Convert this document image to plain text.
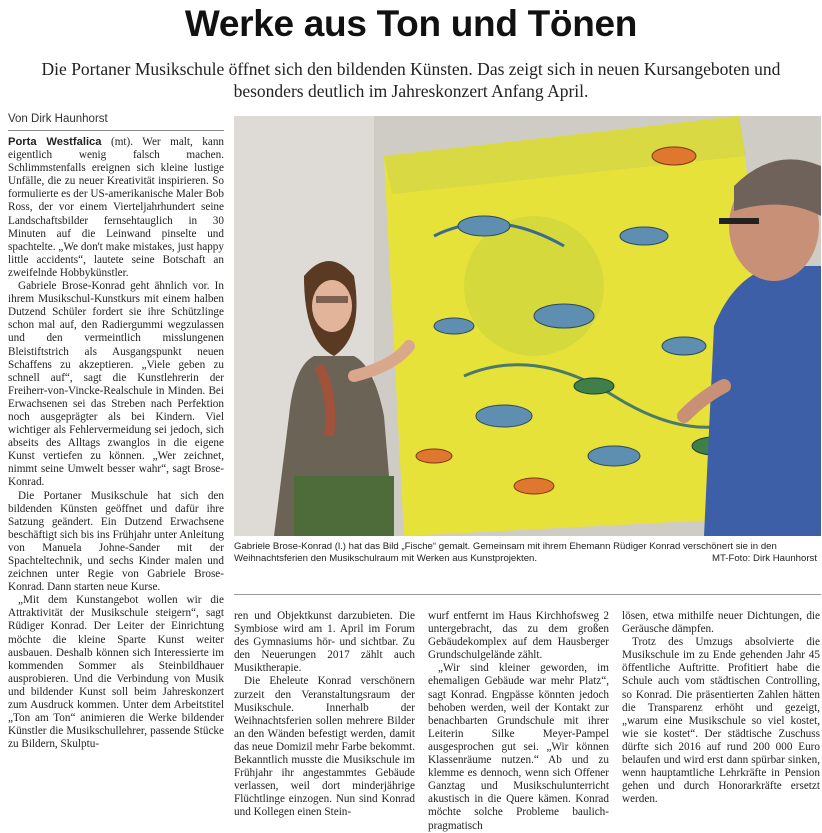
Werke aus Ton und Tönen
Die Portaner Musikschule öffnet sich den bildenden Künsten. Das zeigt sich in neuen Kursangeboten und besonders deutlich im Jahreskonzert Anfang April.
Von Dirk Haunhorst

Porta Westfalica (mt). Wer malt, kann eigentlich wenig falsch machen. Schlimmstenfalls ereignen sich kleine lustige Unfälle, die zu neuer Kreativität inspirieren. So formulierte es der US-amerikanische Maler Bob Ross, der vor einem Vierteljahrhundert seine Landschaftsbilder fernsehtauglich in 30 Minuten auf die Leinwand pinselte und spachtelte. „We don't make mistakes, just happy little accidents“, lautete seine Botschaft an zweifelnde Hobbykünstler.

Gabriele Brose-Konrad geht ähnlich vor. In ihrem Musikschul-Kunstkurs mit einem halben Dutzend Schüler fordert sie ihre Schützlinge schon mal auf, den Radiergummi wegzulassen und den vermeintlich misslungenen Bleistiftstrich als Ausgangspunkt neuen Schaffens zu akzeptieren. „Viele geben zu schnell auf“, sagt die Kunstlehrerin der Freiherr-von-Vincke-Realschule in Minden. Bei Erwachsenen sei das Streben nach Perfektion noch ausgeprägter als bei Kindern. Viel wichtiger als Fehlervermeidung sei jedoch, sich abseits des Alltags zwanglos in die eigene Kunst vertiefen zu können. „Wer zeichnet, nimmt seine Umwelt besser wahr“, sagt Brose-Konrad.

Die Portaner Musikschule hat sich den bildenden Künsten geöffnet und dafür ihre Satzung geändert. Ein Dutzend Erwachsene beschäftigt sich bis ins Frühjahr unter Anleitung von Manuela Johne-Sander mit der Spachteltechnik, und sechs Kinder malen und zeichnen unter Regie von Gabriele Brose-Konrad. Dann starten neue Kurse.

„Mit dem Kunstangebot wollen wir die Attraktivität der Musikschule steigern“, sagt Rüdiger Konrad. Der Leiter der Einrichtung möchte die kleine Sparte Kunst weiter ausbauen. Deshalb können sich Interessierte im kommenden Sommer als Steinbildhauer ausprobieren. Und die Verbindung von Musik und bildender Kunst soll beim Jahreskonzert zum Ausdruck kommen. Unter dem Arbeitstitel „Ton am Ton“ animieren die Werke bildender Künstler die Musikschullehrer, passende Stücke zu Bildern, Skulptu-

Gabriele Brose-Konrad (l.) hat das Bild „Fische“ gemalt. Gemeinsam mit ihrem Ehemann Rüdiger Konrad verschönert sie in den Weihnachtsferien den Musikschulraum mit Werken aus Kunstprojekten.	MT-Foto: Dirk Haunhorst

ren und Objektkunst darzubieten. Die Symbiose wird am 1. April im Forum des Gymnasiums hör- und sichtbar. Zu den Neuerungen 2017 zählt auch Musiktherapie.

Die Eheleute Konrad verschönern zurzeit den Veranstaltungsraum der Musikschule. Innerhalb der Weihnachtsferien sollen mehrere Bilder an den Wänden befestigt werden, damit das neue Domizil mehr Farbe bekommt. Bekanntlich musste die Musikschule im Frühjahr ihr angestammtes Gebäude verlassen, weil dort minderjährige Flüchtlinge einzogen. Nun sind Konrad und Kollegen einen Stein-

wurf entfernt im Haus Kirchhofsweg 2 untergebracht, das zu dem großen Gebäudekomplex auf dem Hausberger Grundschulgelände zählt.

„Wir sind kleiner geworden, im ehemaligen Gebäude war mehr Platz“, sagt Konrad. Engpässe könnten jedoch behoben werden, weil der Kontakt zur benachbarten Grundschule mit ihrer Leiterin Silke Meyer-Pampel ausgesprochen gut sei. „Wir können Klassenräume nutzen.“ Ab und zu klemme es dennoch, wenn sich Offener Ganztag und Musikschulunterricht akustisch in die Quere kämen. Konrad möchte solche Probleme baulich-pragmatisch

lösen, etwa mithilfe neuer Dichtungen, die Geräusche dämpfen.

Trotz des Umzugs absolvierte die Musikschule im zu Ende gehenden Jahr 45 öffentliche Auftritte. Profitiert habe die Schule auch vom städtischen Controlling, so Konrad. Die präsentierten Zahlen hätten die Transparenz erhöht und gezeigt, „warum eine Musikschule so viel kostet, wie sie kostet“. Der städtische Zuschuss dürfte sich 2016 auf rund 200 000 Euro belaufen und wird erst dann spürbar sinken, wenn hauptamtliche Lehrkräfte in Pension gehen und durch Honorarkräfte ersetzt werden.
